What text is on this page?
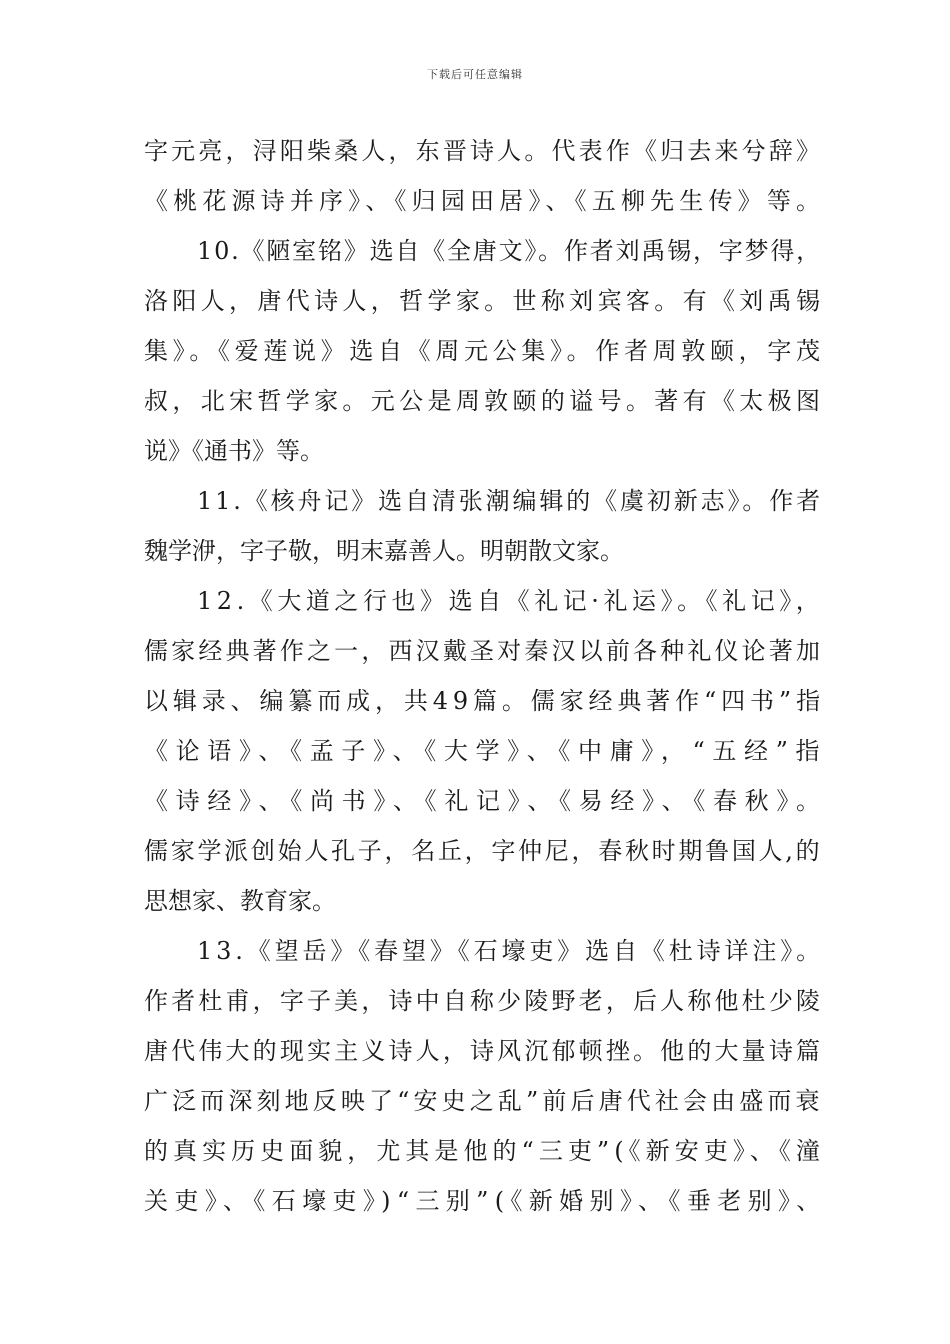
下载后可任意编辑
字元亮，浔阳柴桑人，东晋诗人。代表作《归去来兮辞》
《桃花源诗并序》、《归园田居》、《五柳先生传》等。
10.《陋室铭》选自《全唐文》。作者刘禹锡，字梦得，
洛阳人，唐代诗人，哲学家。世称刘宾客。有《刘禹锡
集》。《爱莲说》选自《周元公集》。作者周敦颐，字茂
叔，北宋哲学家。元公是周敦颐的谥号。著有《太极图
说》《通书》等。
11.《核舟记》选自清张潮编辑的《虞初新志》。作者
魏学洢，字子敬，明末嘉善人。明朝散文家。
12.《大道之行也》选自《礼记·礼运》。《礼记》，
儒家经典著作之一，西汉戴圣对秦汉以前各种礼仪论著加
以辑录、编纂而成，共49篇。儒家经典著作“四书”指
《论语》、《孟子》、《大学》、《中庸》，“五经”指
《诗经》、《尚书》、《礼记》、《易经》、《春秋》。
儒家学派创始人孔子，名丘，字仲尼，春秋时期鲁国人,的
思想家、教育家。
13.《望岳》《春望》《石壕吏》选自《杜诗详注》。
作者杜甫，字子美，诗中自称少陵野老，后人称他杜少陵
唐代伟大的现实主义诗人，诗风沉郁顿挫。他的大量诗篇
广泛而深刻地反映了“安史之乱”前后唐代社会由盛而衰
的真实历史面貌，尤其是他的“三吏”(《新安吏》、《潼
关吏》、《石壕吏》)“三别”(《新婚别》、《垂老别》、
